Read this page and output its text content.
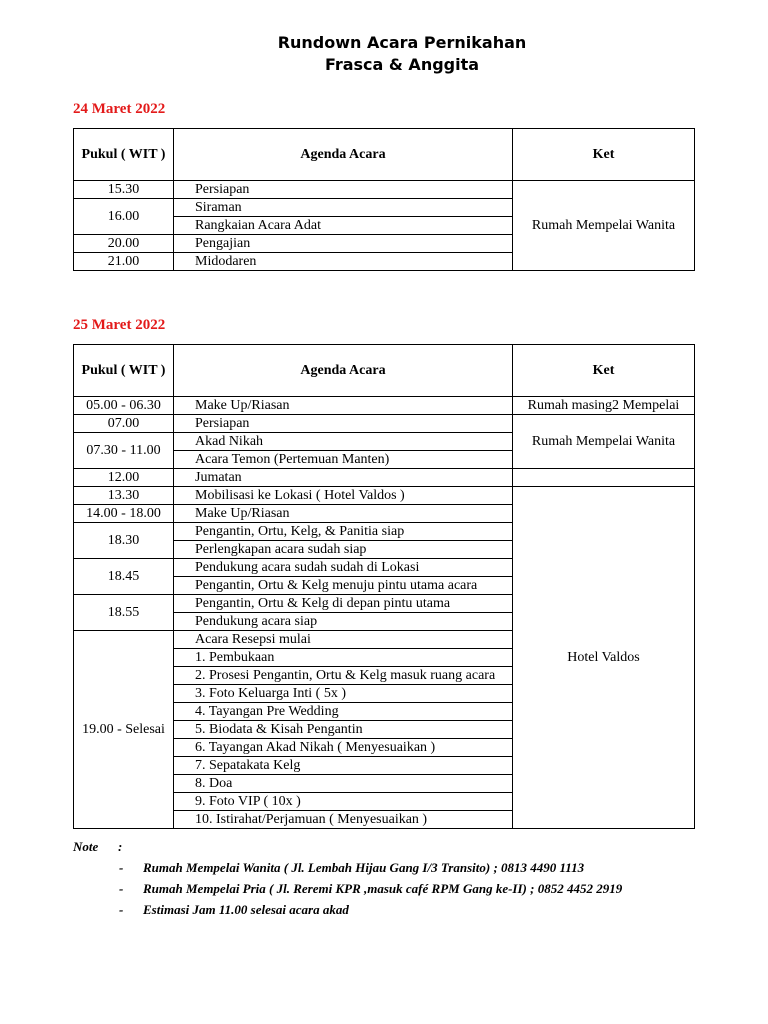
Rundown Acara Pernikahan
Frasca & Anggita
24 Maret 2022
Pukul ( WIT )	Agenda Acara	Ket
15.30	Persiapan	Rumah Mempelai Wanita
16.00	Siraman	
	Rangkaian Acara Adat	
20.00	Pengajian	
21.00	Midodaren	
25 Maret 2022
Pukul ( WIT )	Agenda Acara	Ket
05.00 - 06.30	Make Up/Riasan	Rumah masing2 Mempelai
07.00	Persiapan	Rumah Mempelai Wanita
07.30 - 11.00	Akad Nikah	
	Acara Temon (Pertemuan Manten)	
12.00	Jumatan	
13.30	Mobilisasi ke Lokasi ( Hotel Valdos )	Hotel Valdos
14.00 - 18.00	Make Up/Riasan	
18.30	Pengantin, Ortu, Kelg, & Panitia siap	
	Perlengkapan acara sudah siap	
18.45	Pendukung acara sudah sudah di Lokasi	
	Pengantin, Ortu & Kelg menuju pintu utama acara	
18.55	Pengantin, Ortu & Kelg di depan pintu utama	
	Pendukung acara siap	
19.00 - Selesai	Acara Resepsi mulai	
	1. Pembukaan	
	2. Prosesi Pengantin, Ortu & Kelg masuk ruang acara	
	3. Foto Keluarga Inti ( 5x )	
	4. Tayangan Pre Wedding	
	5. Biodata & Kisah Pengantin	
	6. Tayangan Akad Nikah ( Menyesuaikan )	
	7. Sepatakata Kelg	
	8. Doa	
	9. Foto VIP ( 10x )	
	10. Istirahat/Perjamuan ( Menyesuaikan )	
Note :
- Rumah Mempelai Wanita ( Jl. Lembah Hijau Gang I/3 Transito) ; 0813 4490 1113
- Rumah Mempelai Pria ( Jl. Reremi KPR ,masuk café RPM Gang ke-II) ; 0852 4452 2919
- Estimasi Jam 11.00 selesai acara akad
